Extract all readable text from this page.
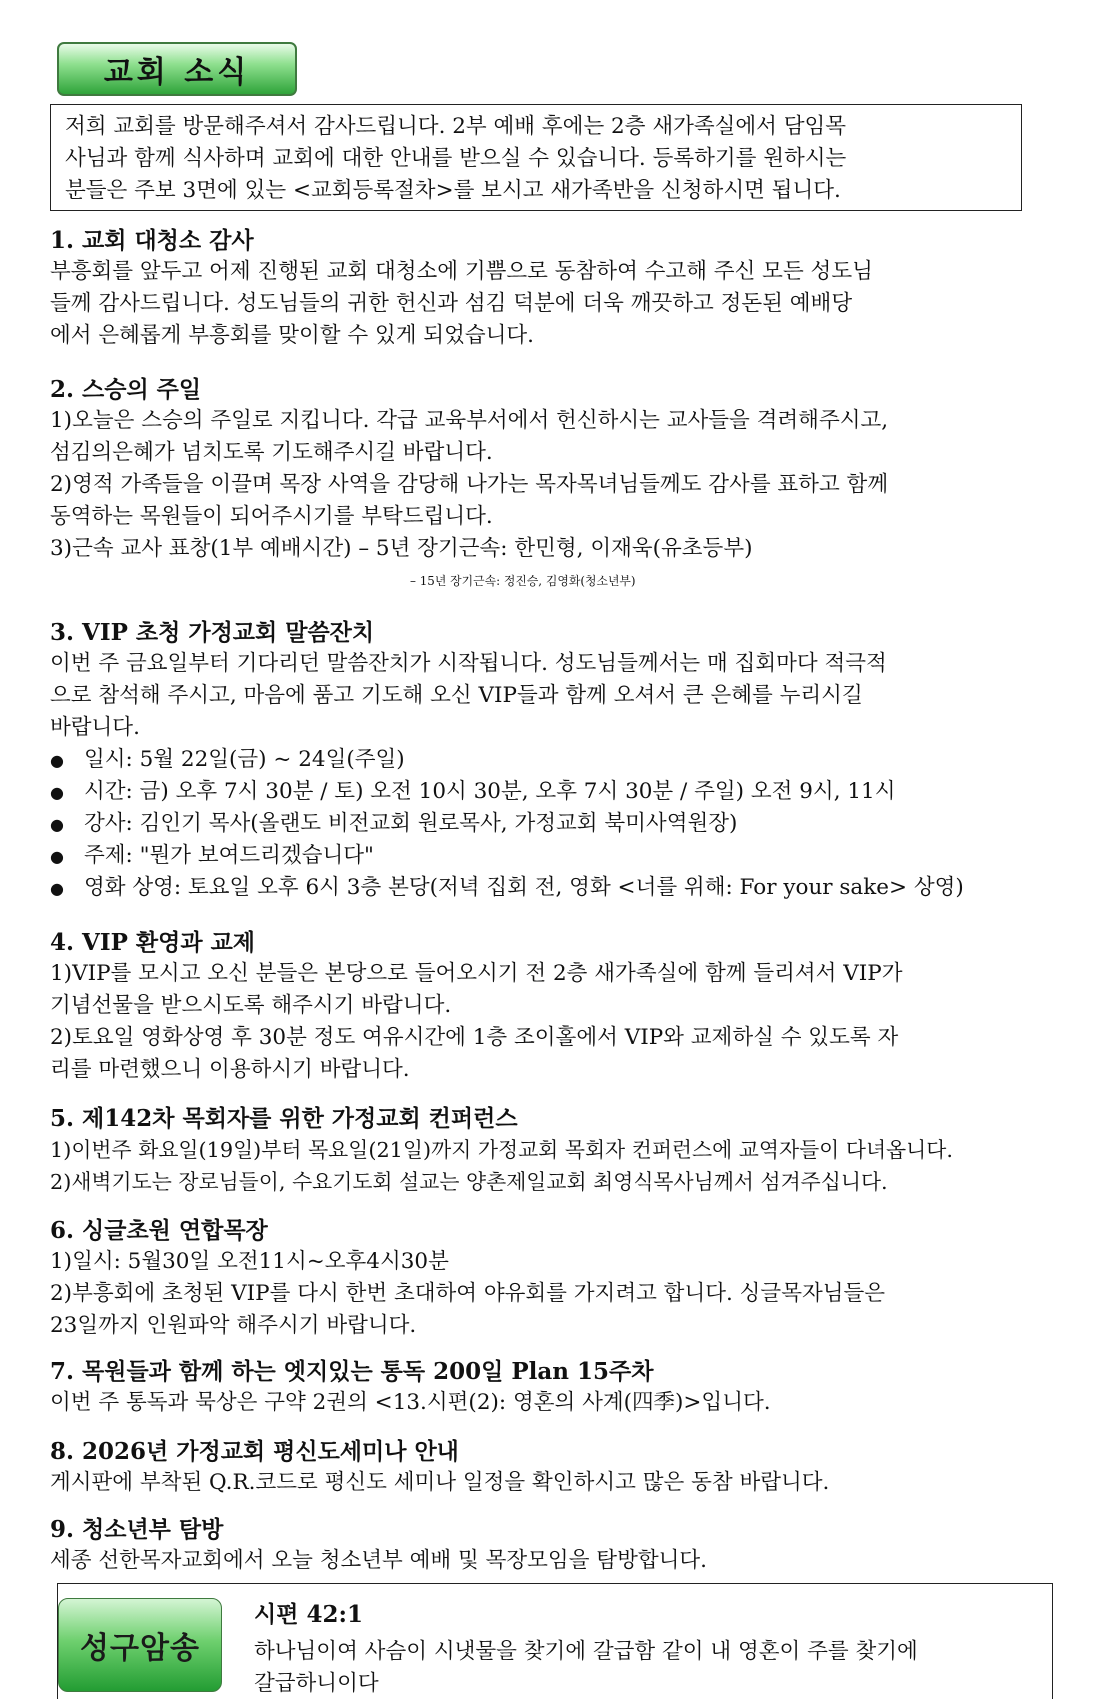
교회 소식
저희 교회를 방문해주셔서 감사드립니다. 2부 예배 후에는 2층 새가족실에서 담임목
사님과 함께 식사하며 교회에 대한 안내를 받으실 수 있습니다. 등록하기를 원하시는
분들은 주보 3면에 있는 <교회등록절차>를 보시고 새가족반을 신청하시면 됩니다.
1. 교회 대청소 감사
부흥회를 앞두고 어제 진행된 교회 대청소에 기쁨으로 동참하여 수고해 주신 모든 성도님
들께 감사드립니다. 성도님들의 귀한 헌신과 섬김 덕분에 더욱 깨끗하고 정돈된 예배당
에서 은혜롭게 부흥회를 맞이할 수 있게 되었습니다.
2. 스승의 주일
1)오늘은 스승의 주일로 지킵니다. 각급 교육부서에서 헌신하시는 교사들을 격려해주시고,
섬김의은혜가 넘치도록 기도해주시길 바랍니다.
2)영적 가족들을 이끌며 목장 사역을 감당해 나가는 목자목녀님들께도 감사를 표하고 함께
동역하는 목원들이 되어주시기를 부탁드립니다.
3)근속 교사 표창(1부 예배시간) – 5년 장기근속: 한민형, 이재욱(유초등부)
– 15년 장기근속: 정진승, 김영화(청소년부)
3. VIP 초청 가정교회 말씀잔치
이번 주 금요일부터 기다리던 말씀잔치가 시작됩니다. 성도님들께서는 매 집회마다 적극적
으로 참석해 주시고, 마음에 품고 기도해 오신 VIP들과 함께 오셔서 큰 은혜를 누리시길
바랍니다.
● 일시: 5월 22일(금) ~ 24일(주일)
● 시간: 금) 오후 7시 30분 / 토) 오전 10시 30분, 오후 7시 30분 / 주일) 오전 9시, 11시
● 강사: 김인기 목사(올랜도 비전교회 원로목사, 가정교회 북미사역원장)
● 주제: "뭔가 보여드리겠습니다"
● 영화 상영: 토요일 오후 6시 3층 본당(저녁 집회 전, 영화 <너를 위해: For your sake> 상영)
4. VIP 환영과 교제
1)VIP를 모시고 오신 분들은 본당으로 들어오시기 전 2층 새가족실에 함께 들리셔서 VIP가
기념선물을 받으시도록 해주시기 바랍니다.
2)토요일 영화상영 후 30분 정도 여유시간에 1층 조이홀에서 VIP와 교제하실 수 있도록 자
리를 마련했으니 이용하시기 바랍니다.
5. 제142차 목회자를 위한 가정교회 컨퍼런스
1)이번주 화요일(19일)부터 목요일(21일)까지 가정교회 목회자 컨퍼런스에 교역자들이 다녀옵니다.
2)새벽기도는 장로님들이, 수요기도회 설교는 양촌제일교회 최영식목사님께서 섬겨주십니다.
6. 싱글초원 연합목장
1)일시: 5월30일 오전11시~오후4시30분
2)부흥회에 초청된 VIP를 다시 한번 초대하여 야유회를 가지려고 합니다. 싱글목자님들은
23일까지 인원파악 해주시기 바랍니다.
7. 목원들과 함께 하는 엣지있는 통독 200일 Plan 15주차
이번 주 통독과 묵상은 구약 2권의 <13.시편(2): 영혼의 사계(四季)>입니다.
8. 2026년 가정교회 평신도세미나 안내
게시판에 부착된 Q.R.코드로 평신도 세미나 일정을 확인하시고 많은 동참 바랍니다.
9. 청소년부 탐방
세종 선한목자교회에서 오늘 청소년부 예배 및 목장모임을 탐방합니다.
성구암송
시편 42:1
하나님이여 사슴이 시냇물을 찾기에 갈급함 같이 내 영혼이 주를 찾기에
갈급하니이다
